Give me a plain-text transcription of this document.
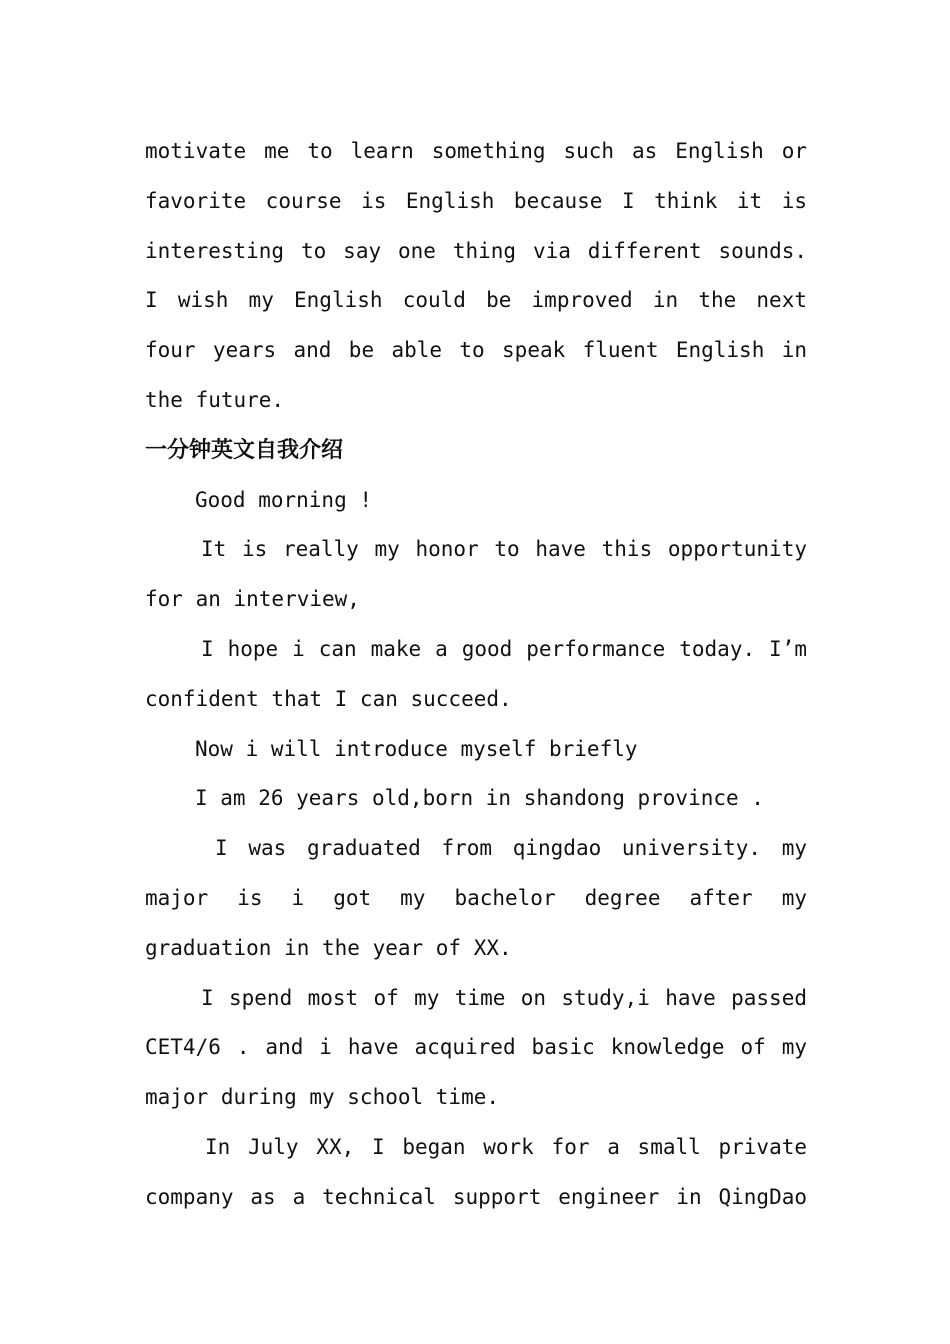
motivate me to learn something such as English or

favorite course is English because I think it is

interesting to say one thing via different sounds.

I wish my English could be improved in the next

four years and be able to speak fluent English in

the future.

一分钟英文自我介绍

Good morning !

It is really my honor to have this opportunity for an interview,

I hope i can make a good performance today. I’m confident that I can succeed.

Now i will introduce myself briefly

I am 26 years old,born in shandong province .

I was graduated from qingdao university. my major is i got my bachelor degree after my graduation in the year of XX.

I spend most of my time on study,i have passed CET4/6 . and i have acquired basic knowledge of my major during my school time.

In July XX, I began work for a small private

company as a technical support engineer in QingDao
